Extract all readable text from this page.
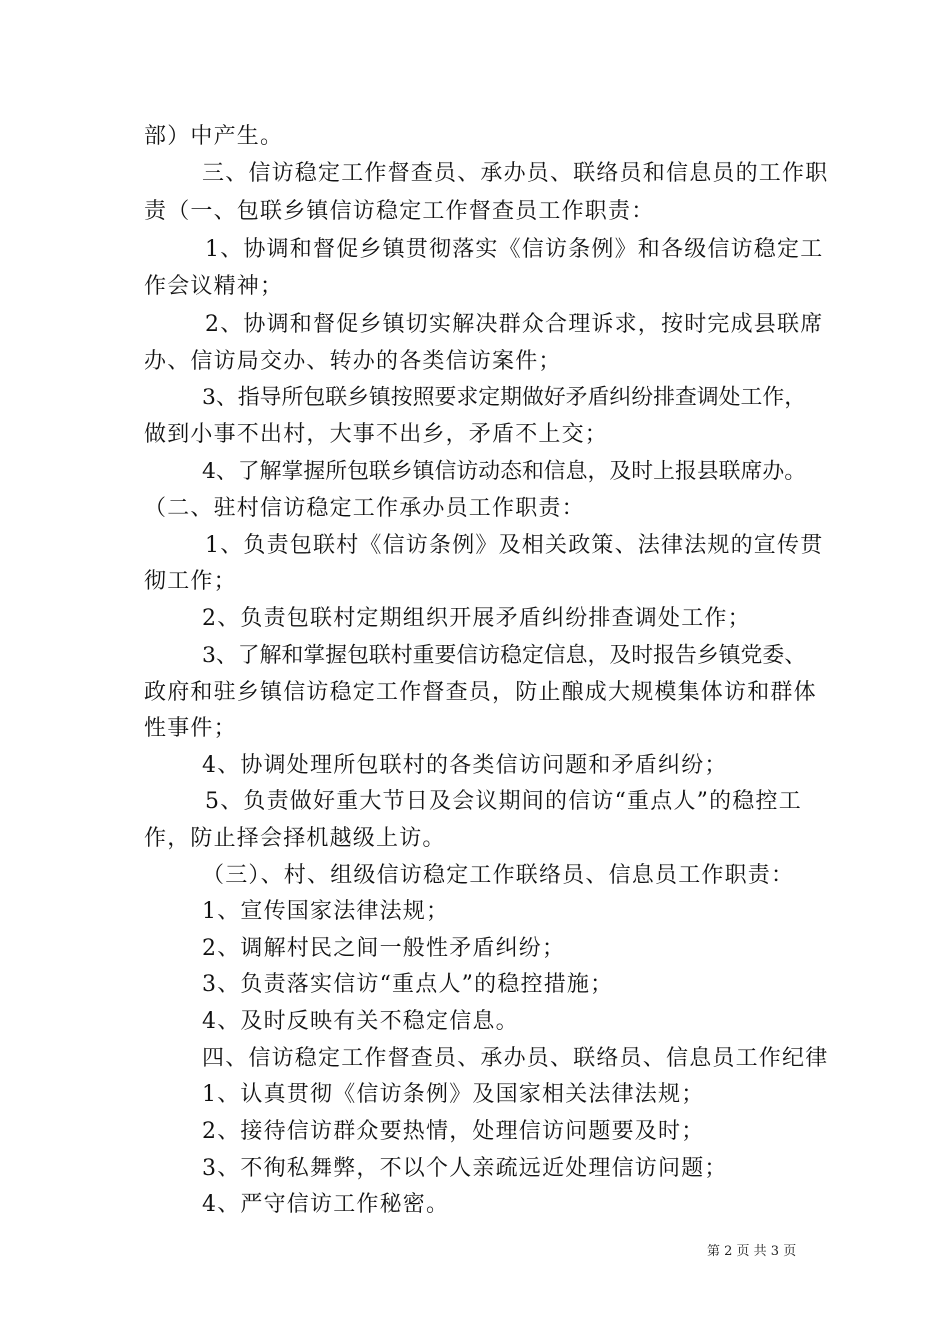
部）中产生。
三、信访稳定工作督查员、承办员、联络员和信息员的工作职
责（一、包联乡镇信访稳定工作督查员工作职责：
1、协调和督促乡镇贯彻落实《信访条例》和各级信访稳定工
作会议精神；
2、协调和督促乡镇切实解决群众合理诉求，按时完成县联席
办、信访局交办、转办的各类信访案件；
3、指导所包联乡镇按照要求定期做好矛盾纠纷排查调处工作，
做到小事不出村，大事不出乡，矛盾不上交；
4、了解掌握所包联乡镇信访动态和信息，及时上报县联席办。
（二、驻村信访稳定工作承办员工作职责：
1、负责包联村《信访条例》及相关政策、法律法规的宣传贯
彻工作；
2、负责包联村定期组织开展矛盾纠纷排查调处工作；
3、了解和掌握包联村重要信访稳定信息，及时报告乡镇党委、
政府和驻乡镇信访稳定工作督查员，防止酿成大规模集体访和群体
性事件；
4、协调处理所包联村的各类信访问题和矛盾纠纷；
5、负责做好重大节日及会议期间的信访“重点人”的稳控工
作，防止择会择机越级上访。
（三）、村、组级信访稳定工作联络员、信息员工作职责：
1、宣传国家法律法规；
2、调解村民之间一般性矛盾纠纷；
3、负责落实信访“重点人”的稳控措施；
4、及时反映有关不稳定信息。
四、信访稳定工作督查员、承办员、联络员、信息员工作纪律
1、认真贯彻《信访条例》及国家相关法律法规；
2、接待信访群众要热情，处理信访问题要及时；
3、不徇私舞弊，不以个人亲疏远近处理信访问题；
4、严守信访工作秘密。
第 2 页 共 3 页
